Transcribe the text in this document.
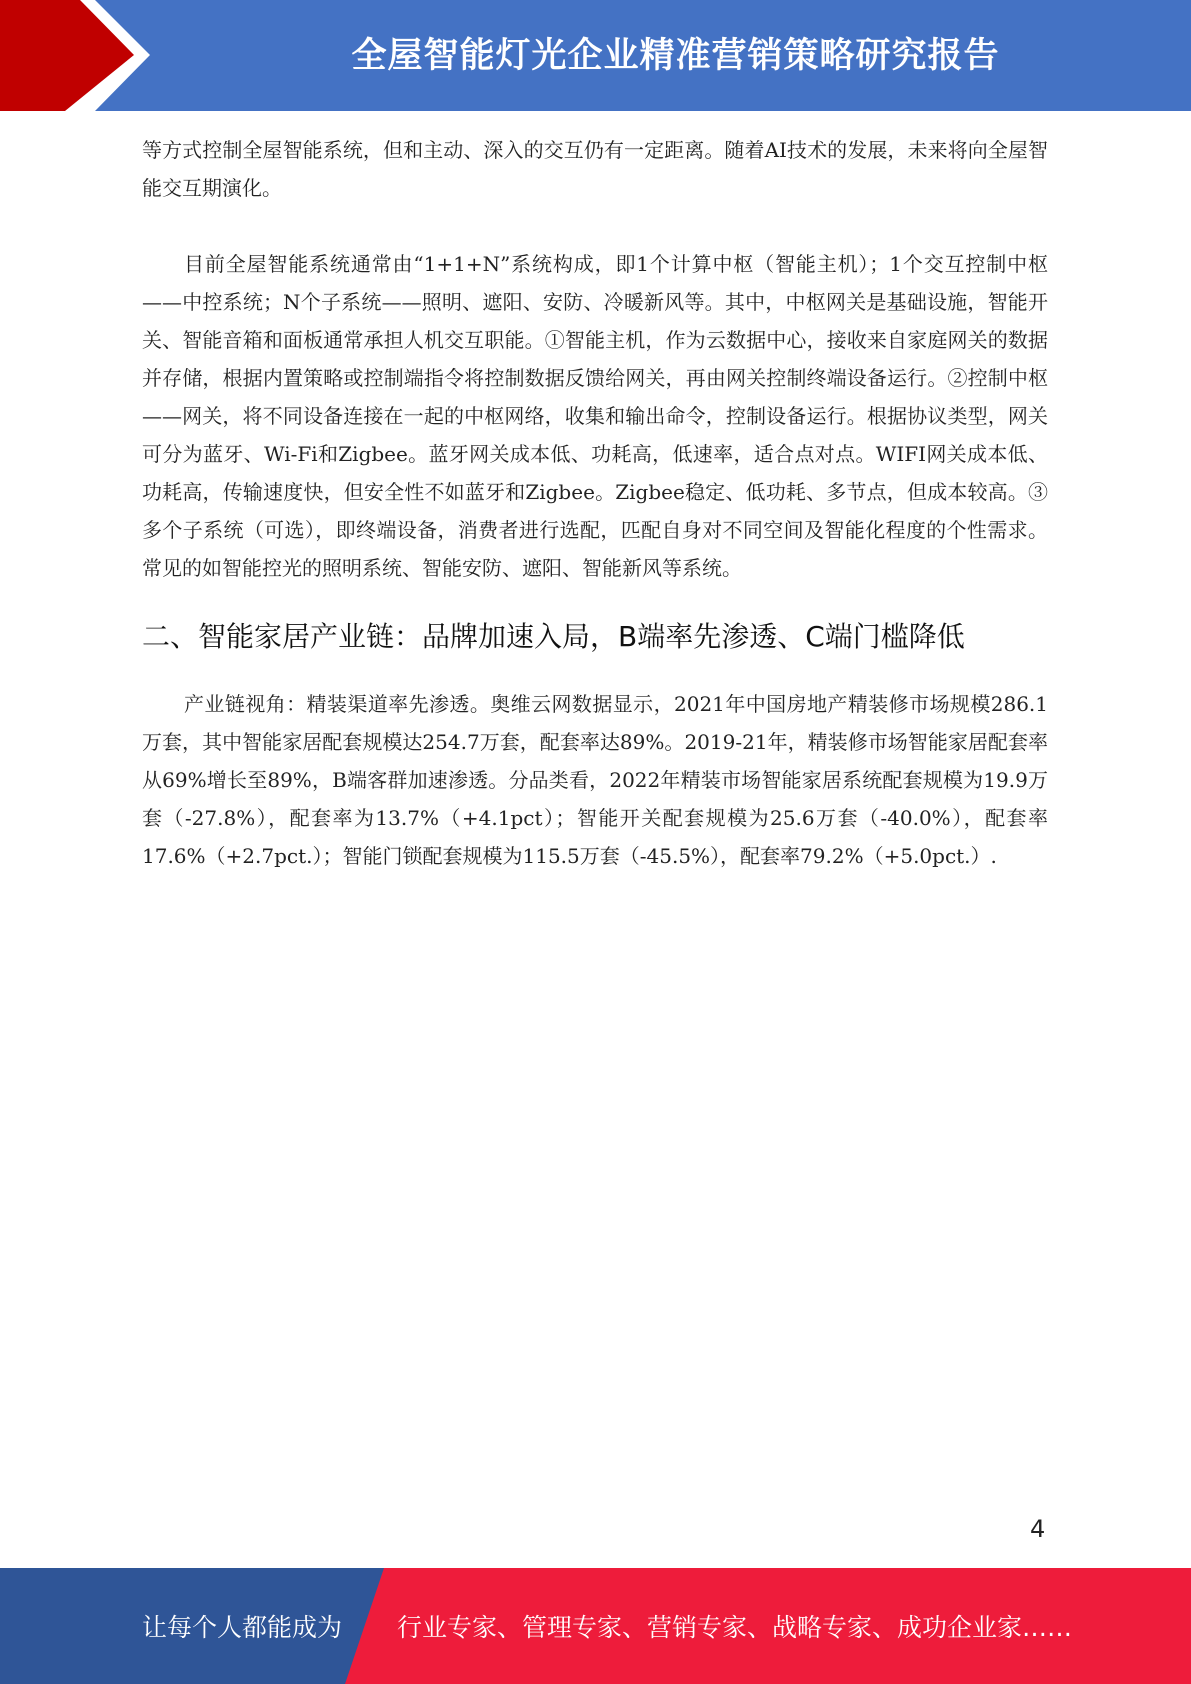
全屋智能灯光企业精准营销策略研究报告

等方式控制全屋智能系统，但和主动、深入的交互仍有一定距离。随着AI技术的发展，未来将向全屋智能交互期演化。

目前全屋智能系统通常由“1+1+N”系统构成，即1个计算中枢（智能主机）；1个交互控制中枢——中控系统；N个子系统——照明、遮阳、安防、冷暖新风等。其中，中枢网关是基础设施，智能开关、智能音箱和面板通常承担人机交互职能。①智能主机，作为云数据中心，接收来自家庭网关的数据并存储，根据内置策略或控制端指令将控制数据反馈给网关，再由网关控制终端设备运行。②控制中枢——网关，将不同设备连接在一起的中枢网络，收集和输出命令，控制设备运行。根据协议类型，网关可分为蓝牙、Wi-Fi和Zigbee。蓝牙网关成本低、功耗高，低速率，适合点对点。WIFI网关成本低、功耗高，传输速度快，但安全性不如蓝牙和Zigbee。Zigbee稳定、低功耗、多节点，但成本较高。③多个子系统（可选），即终端设备，消费者进行选配，匹配自身对不同空间及智能化程度的个性需求。常见的如智能控光的照明系统、智能安防、遮阳、智能新风等系统。

二、智能家居产业链：品牌加速入局，B端率先渗透、C端门槛降低

产业链视角：精装渠道率先渗透。奥维云网数据显示，2021年中国房地产精装修市场规模286.1万套，其中智能家居配套规模达254.7万套，配套率达89%。2019-21年，精装修市场智能家居配套率从69%增长至89%，B端客群加速渗透。分品类看，2022年精装市场智能家居系统配套规模为19.9万套（-27.8%），配套率为13.7%（+4.1pct）；智能开关配套规模为25.6万套（-40.0%），配套率17.6%（+2.7pct.）；智能门锁配套规模为115.5万套（-45.5%），配套率79.2%（+5.0pct.）.

4
让每个人都能成为 行业专家、管理专家、营销专家、战略专家、成功企业家……
